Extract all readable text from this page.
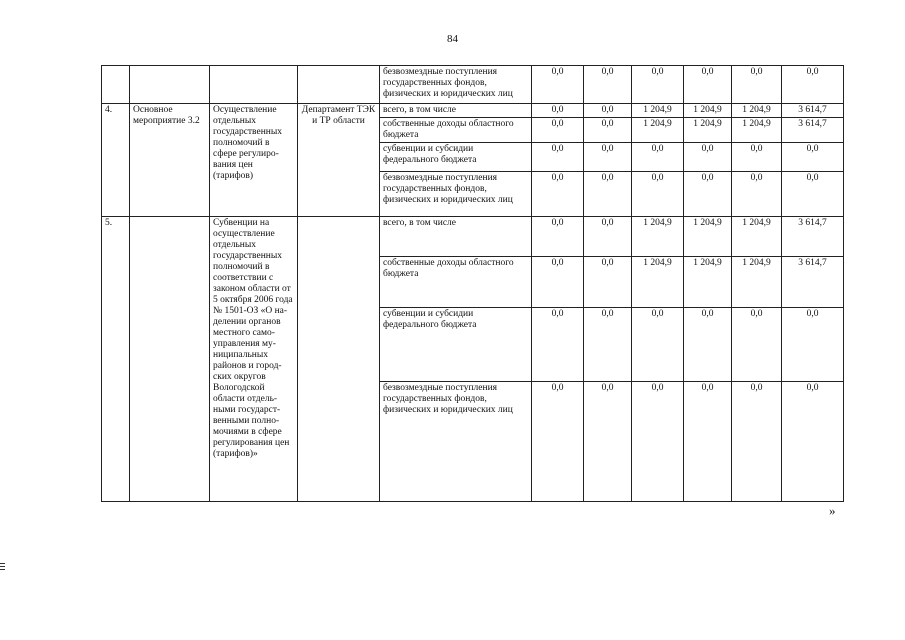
84
				безвозмездные поступления государственных фондов, физических и юридических лиц	0,0	0,0	0,0	0,0	0,0	0,0
4.	Основное мероприятие 3.2	Осуществление отдельных государственных полномочий в сфере регулиро-вания цен (тарифов)	Департамент ТЭК и ТР области	всего, в том числе	0,0	0,0	1 204,9	1 204,9	1 204,9	3 614,7
				собственные доходы областного бюджета	0,0	0,0	1 204,9	1 204,9	1 204,9	3 614,7
				субвенции и субсидии федерального бюджета	0,0	0,0	0,0	0,0	0,0	0,0
				безвозмездные поступления государственных фондов, физических и юридических лиц	0,0	0,0	0,0	0,0	0,0	0,0
5.		Субвенции на осуществление отдельных государственных полномочий в соответствии с законом области от 5 октября 2006 года № 1501-ОЗ «О на-делении органов местного само-управления му-ниципальных районов и город-ских округов Вологодской области отдель-ными государст-венными полно-мочиями в сфере регулирования цен (тарифов)»		всего, в том числе	0,0	0,0	1 204,9	1 204,9	1 204,9	3 614,7
				собственные доходы областного бюджета	0,0	0,0	1 204,9	1 204,9	1 204,9	3 614,7
				субвенции и субсидии федерального бюджета	0,0	0,0	0,0	0,0	0,0	0,0
				безвозмездные поступления государственных фондов, физических и юридических лиц	0,0	0,0	0,0	0,0	0,0	0,0
»
